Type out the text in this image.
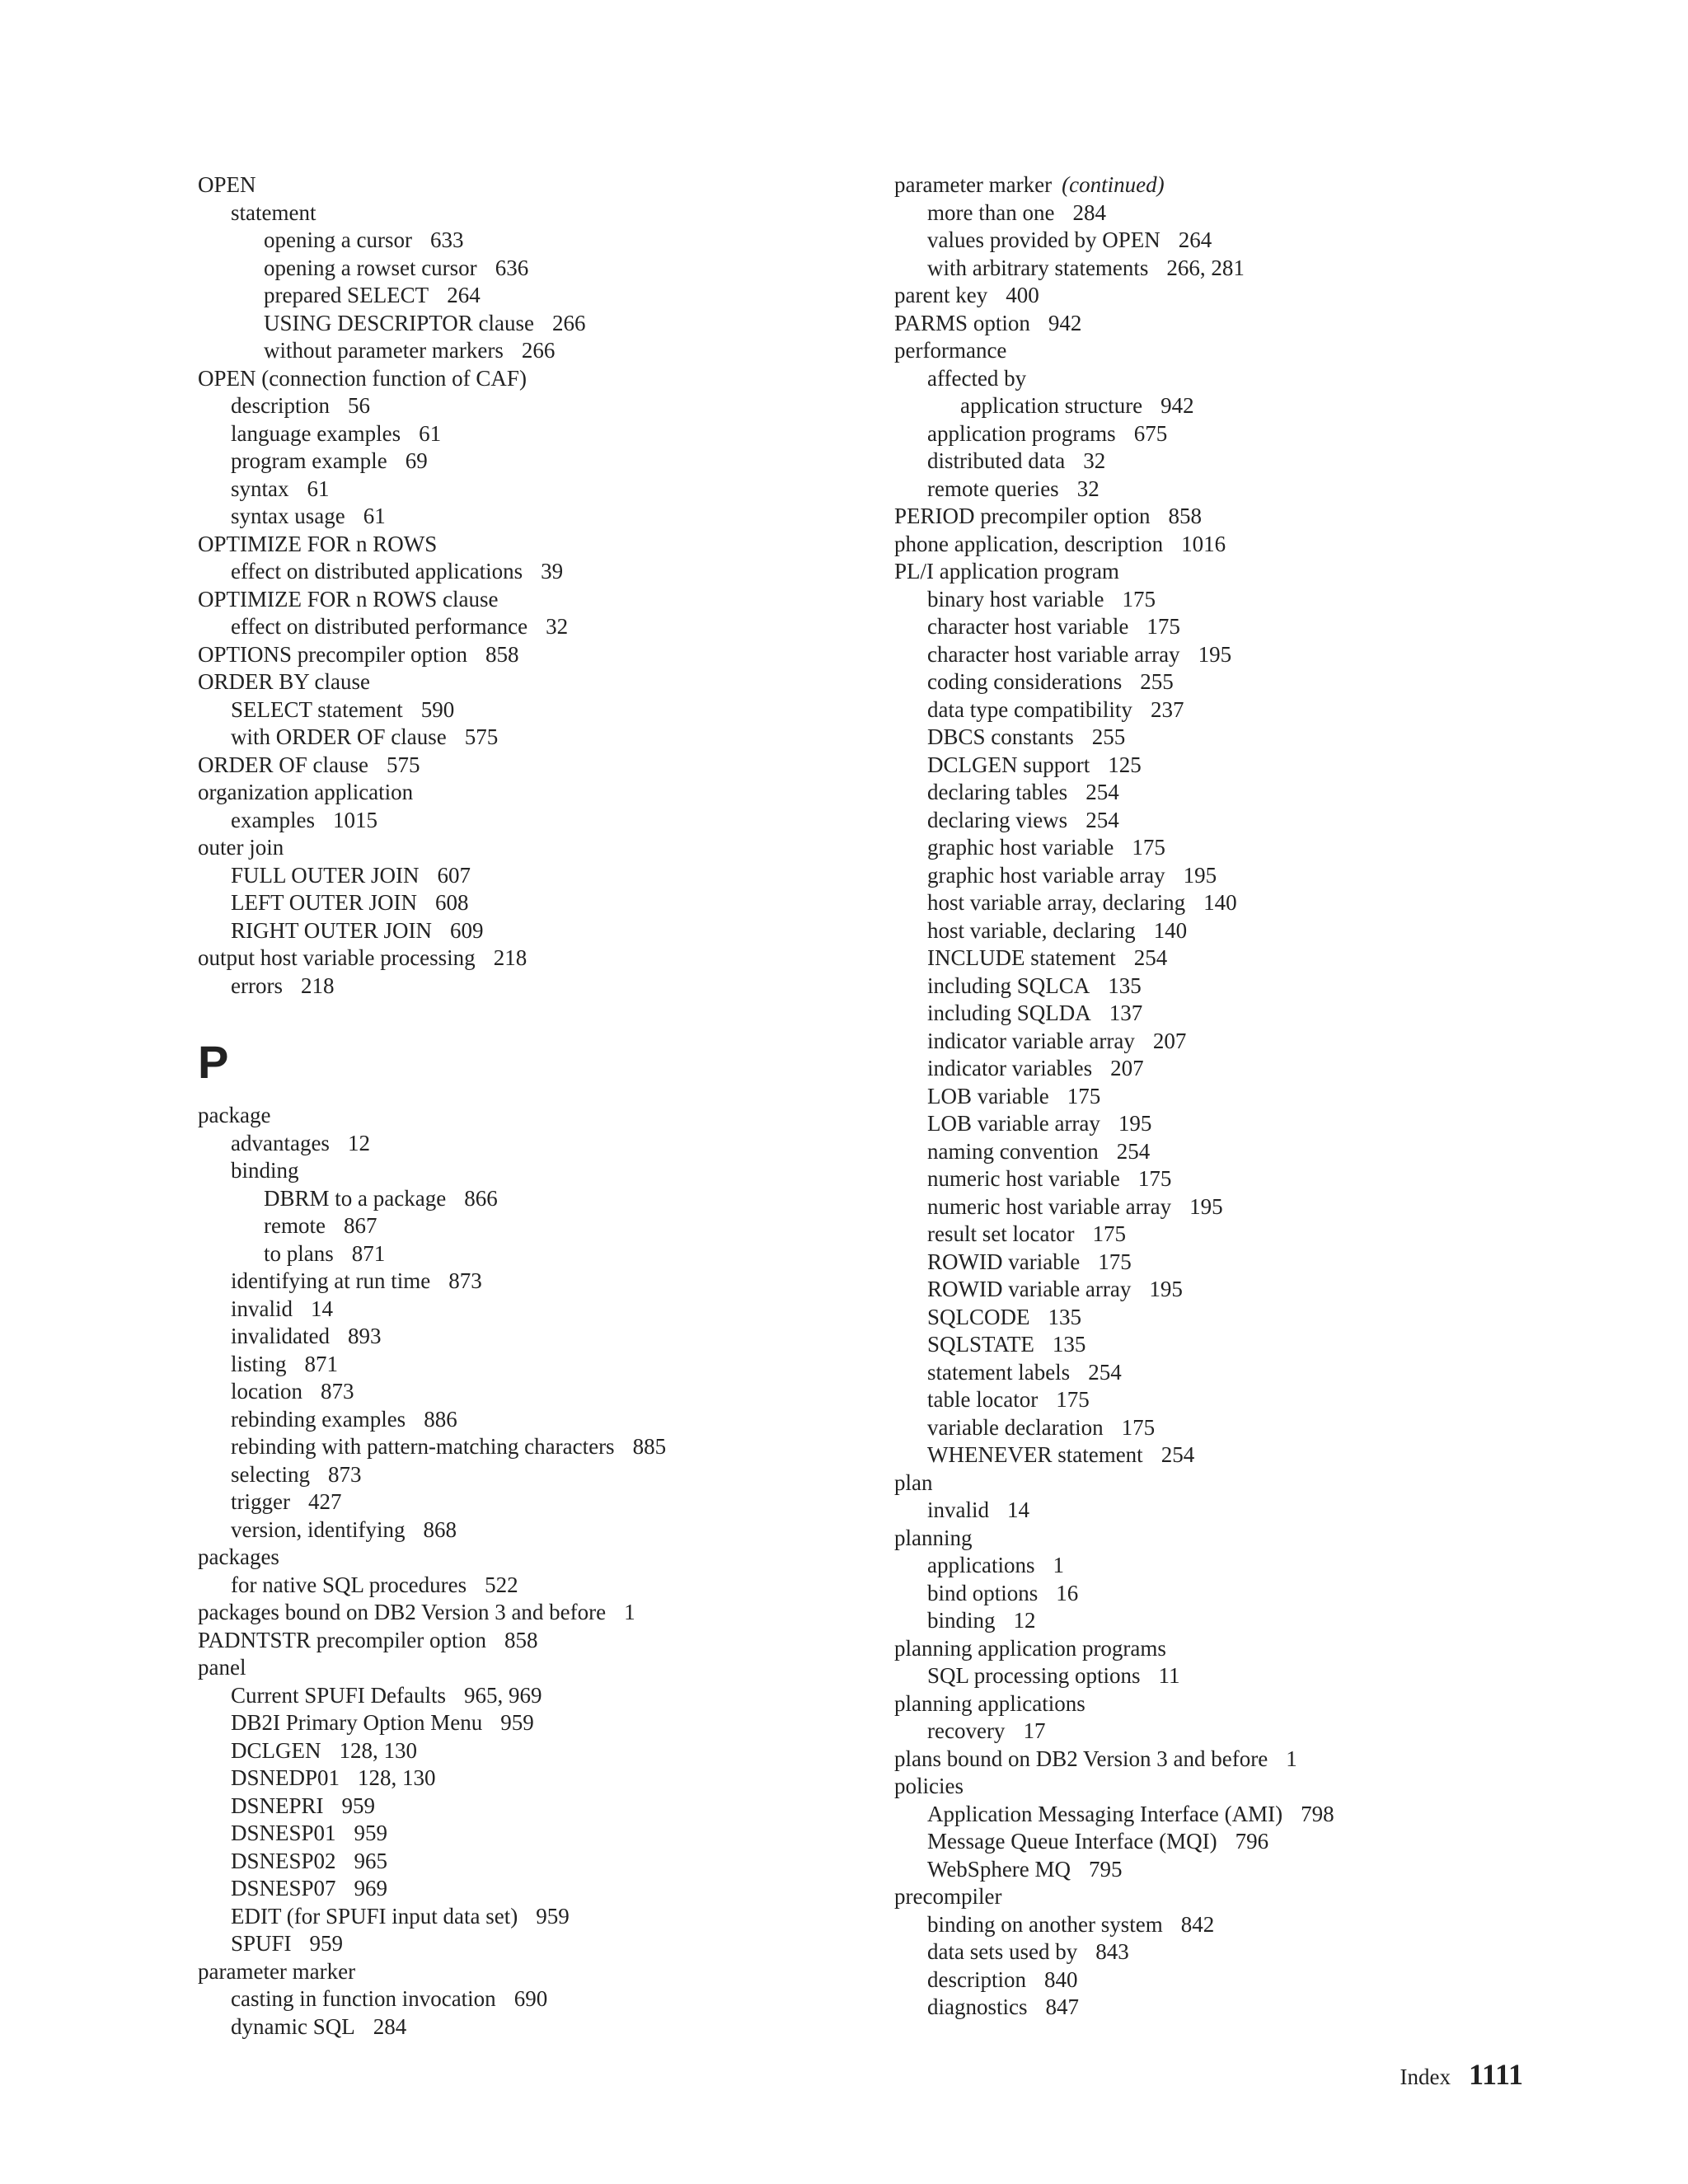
OPEN
statement
opening a cursor 633
opening a rowset cursor 636
prepared SELECT 264
USING DESCRIPTOR clause 266
without parameter markers 266
OPEN (connection function of CAF)
description 56
language examples 61
program example 69
syntax 61
syntax usage 61
OPTIMIZE FOR n ROWS
effect on distributed applications 39
OPTIMIZE FOR n ROWS clause
effect on distributed performance 32
OPTIONS precompiler option 858
ORDER BY clause
SELECT statement 590
with ORDER OF clause 575
ORDER OF clause 575
organization application
examples 1015
outer join
FULL OUTER JOIN 607
LEFT OUTER JOIN 608
RIGHT OUTER JOIN 609
output host variable processing 218
errors 218
P
package
advantages 12
binding
DBRM to a package 866
remote 867
to plans 871
identifying at run time 873
invalid 14
invalidated 893
listing 871
location 873
rebinding examples 886
rebinding with pattern-matching characters 885
selecting 873
trigger 427
version, identifying 868
packages
for native SQL procedures 522
packages bound on DB2 Version 3 and before 1
PADNTSTR precompiler option 858
panel
Current SPUFI Defaults 965, 969
DB2I Primary Option Menu 959
DCLGEN 128, 130
DSNEDP01 128, 130
DSNEPRI 959
DSNESP01 959
DSNESP02 965
DSNESP07 969
EDIT (for SPUFI input data set) 959
SPUFI 959
parameter marker
casting in function invocation 690
dynamic SQL 284
parameter marker (continued)
more than one 284
values provided by OPEN 264
with arbitrary statements 266, 281
parent key 400
PARMS option 942
performance
affected by
application structure 942
application programs 675
distributed data 32
remote queries 32
PERIOD precompiler option 858
phone application, description 1016
PL/I application program
binary host variable 175
character host variable 175
character host variable array 195
coding considerations 255
data type compatibility 237
DBCS constants 255
DCLGEN support 125
declaring tables 254
declaring views 254
graphic host variable 175
graphic host variable array 195
host variable array, declaring 140
host variable, declaring 140
INCLUDE statement 254
including SQLCA 135
including SQLDA 137
indicator variable array 207
indicator variables 207
LOB variable 175
LOB variable array 195
naming convention 254
numeric host variable 175
numeric host variable array 195
result set locator 175
ROWID variable 175
ROWID variable array 195
SQLCODE 135
SQLSTATE 135
statement labels 254
table locator 175
variable declaration 175
WHENEVER statement 254
plan
invalid 14
planning
applications 1
bind options 16
binding 12
planning application programs
SQL processing options 11
planning applications
recovery 17
plans bound on DB2 Version 3 and before 1
policies
Application Messaging Interface (AMI) 798
Message Queue Interface (MQI) 796
WebSphere MQ 795
precompiler
binding on another system 842
data sets used by 843
description 840
diagnostics 847
Index 1111
